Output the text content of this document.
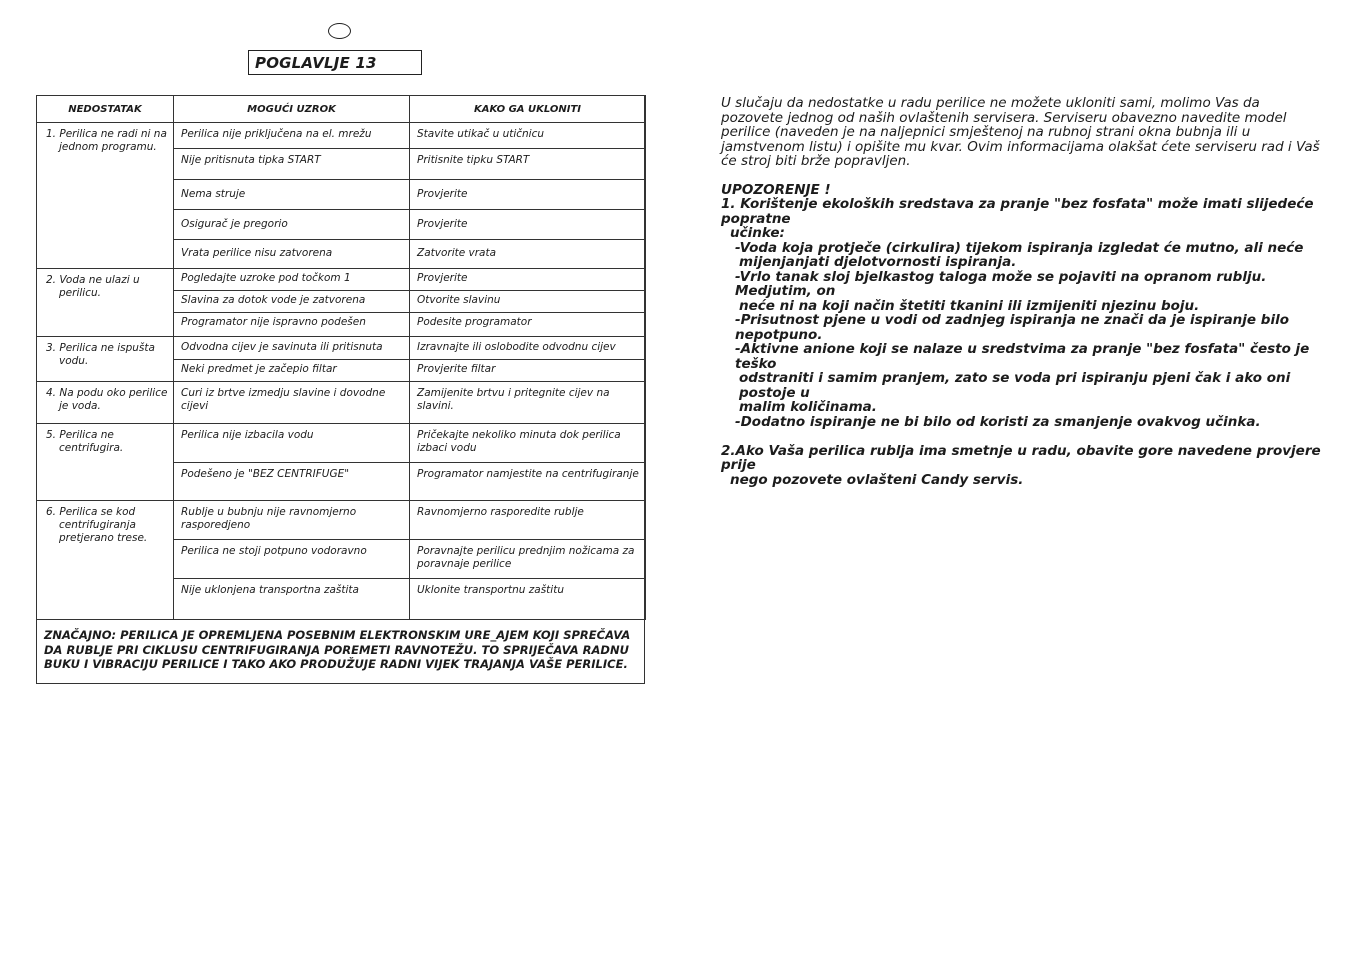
POGLAVLJE 13
NEDOSTATAK	MOGUĆI UZROK	KAKO GA UKLONITI

1. Perilica ne radi ni na jednom programu.	Perilica nije priključena na el. mrežu	Stavite utikač u utičnicu

	Nije pritisnuta tipka START	Pritisnite tipku START

	Nema struje	Provjerite

	Osigurač je pregorio	Provjerite

	Vrata perilice nisu zatvorena	Zatvorite vrata

2. Voda ne ulazi u perilicu.	Pogledajte uzroke pod točkom 1	Provjerite

	Slavina za dotok vode je zatvorena	Otvorite slavinu

	Programator nije ispravno podešen	Podesite programator

3. Perilica ne ispušta vodu.	Odvodna cijev je savinuta ili pritisnuta	Izravnajte ili oslobodite odvodnu cijev

	Neki predmet je začepio filtar	Provjerite filtar

4. Na podu oko perilice je voda.	Curi iz brtve izmedju slavine i dovodne cijevi	Zamijenite brtvu i pritegnite cijev na slavini.

5. Perilica ne centrifugira.	Perilica nije izbacila vodu	Pričekajte nekoliko minuta dok perilica izbaci vodu

	Podešeno je "BEZ CENTRIFUGE"	Programator namjestite na centrifugiranje

6. Perilica se kod centrifugiranja pretjerano trese.	Rublje u bubnju nije ravnomjerno rasporedjeno	Ravnomjerno rasporedite rublje

	Perilica ne stoji potpuno vodoravno	Poravnajte perilicu prednjim nožicama za poravnaje perilice

	Nije uklonjena transportna zaštita	Uklonite transportnu zaštitu
ZNAČAJNO: PERILICA JE OPREMLJENA POSEBNIM ELEKTRONSKIM URE_AJEM KOJI SPREČAVA DA RUBLJE PRI CIKLUSU CENTRIFUGIRANJA POREMETI RAVNOTEŽU. TO SPRIJEČAVA RADNU BUKU I VIBRACIJU PERILICE I TAKO AKO PRODUŽUJE RADNI VIJEK TRAJANJA VAŠE PERILICE.

U slučaju da nedostatke u radu perilice ne možete ukloniti sami, molimo Vas da

pozovete jednog od naših ovlaštenih servisera. Serviseru obavezno navedite model

perilice (naveden je na naljepnici smještenoj na rubnoj strani okna bubnja ili u

jamstvenom listu) i opišite mu kvar. Ovim informacijama olakšat ćete serviseru rad i Vaš

će stroj biti brže popravljen.

UPOZORENJE !

1. Korištenje ekoloških sredstava za pranje "bez fosfata" može imati slijedeće popratne

učinke:

-Voda koja protječe (cirkulira) tijekom ispiranja izgledat će mutno, ali neće

mijenjanjati djelotvornosti ispiranja.

-Vrlo tanak sloj bjelkastog taloga može se pojaviti na opranom rublju. Medjutim, on

neće ni na koji način štetiti tkanini ili izmijeniti njezinu boju.

-Prisutnost pjene u vodi od zadnjeg ispiranja ne znači da je ispiranje bilo nepotpuno.

-Aktivne anione koji se nalaze u sredstvima za pranje "bez fosfata" često je teško

odstraniti i samim pranjem, zato se voda pri ispiranju pjeni čak i ako oni postoje u

malim količinama.

-Dodatno ispiranje ne bi bilo od koristi za smanjenje ovakvog učinka.

2.Ako Vaša perilica rublja ima smetnje u radu, obavite gore navedene provjere prije

nego pozovete ovlašteni Candy servis.
